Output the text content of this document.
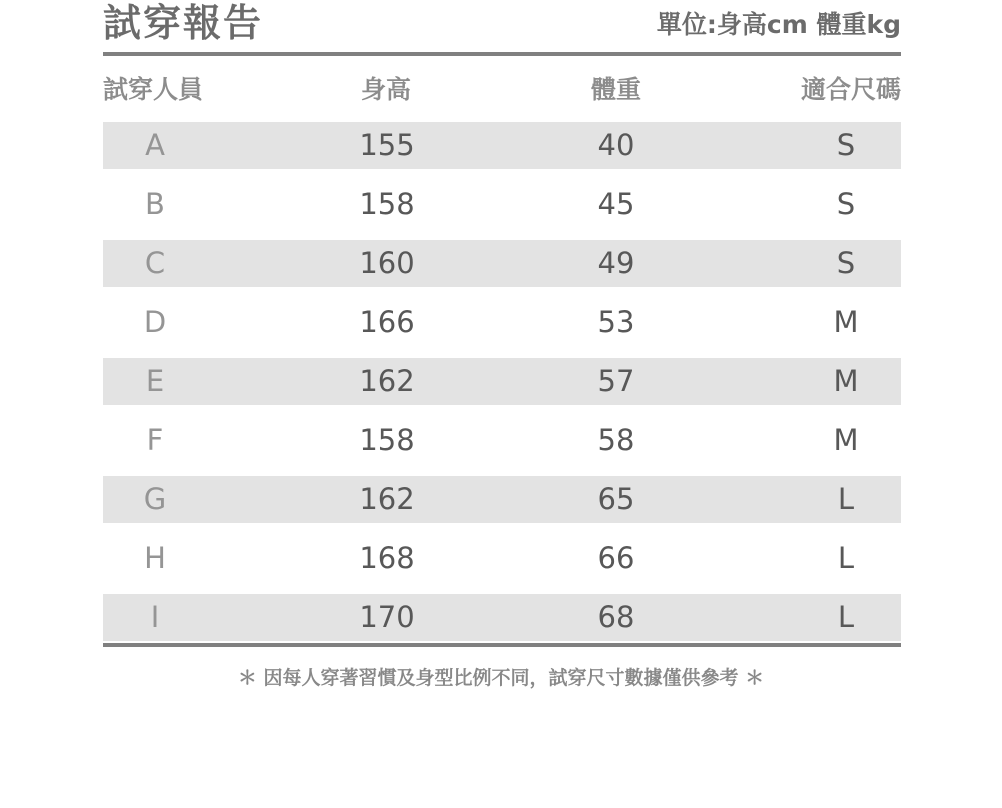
試穿報告	單位:身高cm 體重kg
試穿人員	身高	體重	適合尺碼
A	155	40	S
B	158	45	S
C	160	49	S
D	166	53	M
E	162	57	M
F	158	58	M
G	162	65	L
H	168	66	L
I	170	68	L
＊ 因每人穿著習慣及身型比例不同，試穿尺寸數據僅供參考 ＊
